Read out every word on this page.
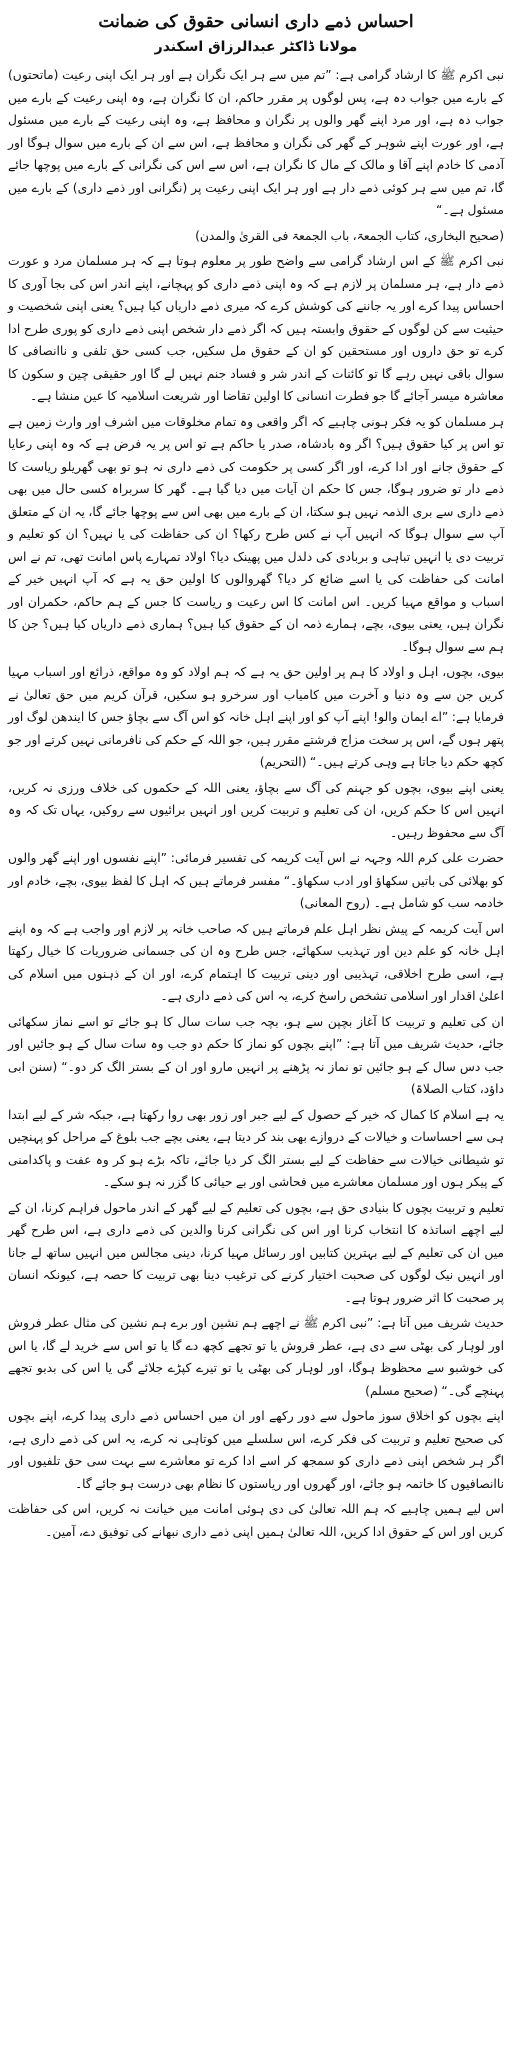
احساس ذمے داری انسانی حقوق کی ضمانت
مولانا ڈاکٹر عبدالرزاق اسکندر

نبی اکرم ﷺ کا ارشاد گرامی ہے: ”تم میں سے ہر ایک نگران ہے اور ہر ایک اپنی رعیت (ماتحتوں) کے بارے میں جواب دہ ہے، پس لوگوں پر مقرر حاکم، ان کا نگران ہے، وہ اپنی رعیت کے بارے میں جواب دہ ہے، اور مرد اپنے گھر والوں پر نگران و محافظ ہے، وہ اپنی رعیت کے بارے میں مسئول ہے، اور عورت اپنے شوہر کے گھر کی نگران و محافظ ہے، اس سے ان کے بارے میں سوال ہوگا اور آدمی کا خادم اپنے آقا و مالک کے مال کا نگران ہے، اس سے اس کی نگرانی کے بارے میں پوچھا جائے گا، تم میں سے ہر کوئی ذمے دار ہے اور ہر ایک اپنی رعیت پر (نگرانی اور ذمے داری) کے بارے میں مسئول ہے۔“

(صحیح البخاری، کتاب الجمعۃ، باب الجمعۃ فی القریٰ والمدن)

نبی اکرم ﷺ کے اس ارشاد گرامی سے واضح طور پر معلوم ہوتا ہے کہ ہر مسلمان مرد و عورت ذمے دار ہے، ہر مسلمان پر لازم ہے کہ وہ اپنی ذمے داری کو پہچانے، اپنے اندر اس کی بجا آوری کا احساس پیدا کرے اور یہ جاننے کی کوشش کرے کہ میری ذمے داریاں کیا ہیں؟ یعنی اپنی شخصیت و حیثیت سے کن لوگوں کے حقوق وابستہ ہیں کہ اگر ذمے دار شخص اپنی ذمے داری کو پوری طرح ادا کرے تو حق داروں اور مستحقین کو ان کے حقوق مل سکیں، جب کسی حق تلفی و ناانصافی کا سوال باقی نہیں رہے گا تو کائنات کے اندر شر و فساد جنم نہیں لے گا اور حقیقی چین و سکون کا معاشرہ میسر آجائے گا جو فطرت انسانی کا اولین تقاضا اور شریعت اسلامیہ کا عین منشا ہے۔

ہر مسلمان کو یہ فکر ہونی چاہیے کہ اگر واقعی وہ تمام مخلوقات میں اشرف اور وارث زمین ہے تو اس پر کیا حقوق ہیں؟ اگر وہ بادشاہ، صدر یا حاکم ہے تو اس پر یہ فرض ہے کہ وہ اپنی رعایا کے حقوق جانے اور ادا کرے، اور اگر کسی پر حکومت کی ذمے داری نہ ہو تو بھی گھریلو ریاست کا ذمے دار تو ضرور ہوگا، جس کا حکم ان آیات میں دیا گیا ہے۔ گھر کا سربراہ کسی حال میں بھی ذمے داری سے بری الذمہ نہیں ہو سکتا، ان کے بارے میں بھی اس سے پوچھا جائے گا، یہ ان کے متعلق آپ سے سوال ہوگا کہ انہیں آپ نے کس طرح رکھا؟ ان کی حفاظت کی یا نہیں؟ ان کو تعلیم و تربیت دی یا انہیں تباہی و بربادی کی دلدل میں پھینک دیا؟ اولاد تمہارے پاس امانت تھی، تم نے اس امانت کی حفاظت کی یا اسے ضائع کر دیا؟ گھروالوں کا اولین حق یہ ہے کہ آپ انہیں خیر کے اسباب و مواقع مہیا کریں۔ اس امانت کا اس رعیت و ریاست کا جس کے ہم حاکم، حکمران اور نگران ہیں، یعنی بیوی، بچے، ہمارے ذمہ ان کے حقوق کیا ہیں؟ ہماری ذمے داریاں کیا ہیں؟ جن کا ہم سے سوال ہوگا۔

بیوی، بچوں، اہل و اولاد کا ہم پر اولین حق یہ ہے کہ ہم اولاد کو وہ مواقع، ذرائع اور اسباب مہیا کریں جن سے وہ دنیا و آخرت میں کامیاب اور سرخرو ہو سکیں، قرآن کریم میں حق تعالیٰ نے فرمایا ہے: ”اے ایمان والو! اپنے آپ کو اور اپنے اہل خانہ کو اس آگ سے بچاؤ جس کا ایندھن لوگ اور پتھر ہوں گے، اس پر سخت مزاج فرشتے مقرر ہیں، جو اللہ کے حکم کی نافرمانی نہیں کرتے اور جو کچھ حکم دیا جاتا ہے وہی کرتے ہیں۔“ (التحریم)

یعنی اپنے بیوی، بچوں کو جہنم کی آگ سے بچاؤ، یعنی اللہ کے حکموں کی خلاف ورزی نہ کریں، انہیں اس کا حکم کریں، ان کی تعلیم و تربیت کریں اور انہیں برائیوں سے روکیں، یہاں تک کہ وہ آگ سے محفوظ رہیں۔

حضرت علی کرم اللہ وجہہ نے اس آیت کریمہ کی تفسیر فرمائی: ”اپنے نفسوں اور اپنے گھر والوں کو بھلائی کی باتیں سکھاؤ اور ادب سکھاؤ۔“ مفسر فرماتے ہیں کہ اہل کا لفظ بیوی، بچے، خادم اور خادمہ سب کو شامل ہے۔ (روح المعانی)

اس آیت کریمہ کے پیش نظر اہل علم فرماتے ہیں کہ صاحب خانہ پر لازم اور واجب ہے کہ وہ اپنے اہل خانہ کو علم دین اور تہذیب سکھائے، جس طرح وہ ان کی جسمانی ضروریات کا خیال رکھتا ہے، اسی طرح اخلاقی، تہذیبی اور دینی تربیت کا اہتمام کرے، اور ان کے ذہنوں میں اسلام کی اعلیٰ اقدار اور اسلامی تشخص راسخ کرے، یہ اس کی ذمے داری ہے۔

ان کی تعلیم و تربیت کا آغاز بچپن سے ہو، بچہ جب سات سال کا ہو جائے تو اسے نماز سکھائی جائے، حدیث شریف میں آتا ہے: ”اپنے بچوں کو نماز کا حکم دو جب وہ سات سال کے ہو جائیں اور جب دس سال کے ہو جائیں تو نماز نہ پڑھنے پر انہیں مارو اور ان کے بستر الگ کر دو۔“ (سنن ابی داؤد، کتاب الصلاۃ)

یہ ہے اسلام کا کمال کہ خیر کے حصول کے لیے جبر اور زور بھی روا رکھتا ہے، جبکہ شر کے لیے ابتدا ہی سے احساسات و خیالات کے دروازے بھی بند کر دیتا ہے، یعنی بچے جب بلوغ کے مراحل کو پہنچیں تو شیطانی خیالات سے حفاظت کے لیے بستر الگ کر دیا جائے، تاکہ بڑے ہو کر وہ عفت و پاکدامنی کے پیکر ہوں اور مسلمان معاشرے میں فحاشی اور بے حیائی کا گزر نہ ہو سکے۔

تعلیم و تربیت بچوں کا بنیادی حق ہے، بچوں کی تعلیم کے لیے گھر کے اندر ماحول فراہم کرنا، ان کے لیے اچھے اساتذہ کا انتخاب کرنا اور اس کی نگرانی کرنا والدین کی ذمے داری ہے، اس طرح گھر میں ان کی تعلیم کے لیے بہترین کتابیں اور رسائل مہیا کرنا، دینی مجالس میں انہیں ساتھ لے جانا اور انہیں نیک لوگوں کی صحبت اختیار کرنے کی ترغیب دینا بھی تربیت کا حصہ ہے، کیونکہ انسان پر صحبت کا اثر ضرور ہوتا ہے۔

حدیث شریف میں آتا ہے: ”نبی اکرم ﷺ نے اچھے ہم نشین اور برے ہم نشین کی مثال عطر فروش اور لوہار کی بھٹی سے دی ہے، عطر فروش یا تو تجھے کچھ دے گا یا تو اس سے خرید لے گا، یا اس کی خوشبو سے محظوظ ہوگا، اور لوہار کی بھٹی یا تو تیرے کپڑے جلائے گی یا اس کی بدبو تجھے پہنچے گی۔“ (صحیح مسلم)

اپنے بچوں کو اخلاق سوز ماحول سے دور رکھے اور ان میں احساس ذمے داری پیدا کرے، اپنے بچوں کی صحیح تعلیم و تربیت کی فکر کرے، اس سلسلے میں کوتاہی نہ کرے، یہ اس کی ذمے داری ہے، اگر ہر شخص اپنی ذمے داری کو سمجھ کر اسے ادا کرے تو معاشرے سے بہت سی حق تلفیوں اور ناانصافیوں کا خاتمہ ہو جائے، اور گھروں اور ریاستوں کا نظام بھی درست ہو جائے گا۔

اس لیے ہمیں چاہیے کہ ہم اللہ تعالیٰ کی دی ہوئی امانت میں خیانت نہ کریں، اس کی حفاظت کریں اور اس کے حقوق ادا کریں، اللہ تعالیٰ ہمیں اپنی ذمے داری نبھانے کی توفیق دے، آمین۔
